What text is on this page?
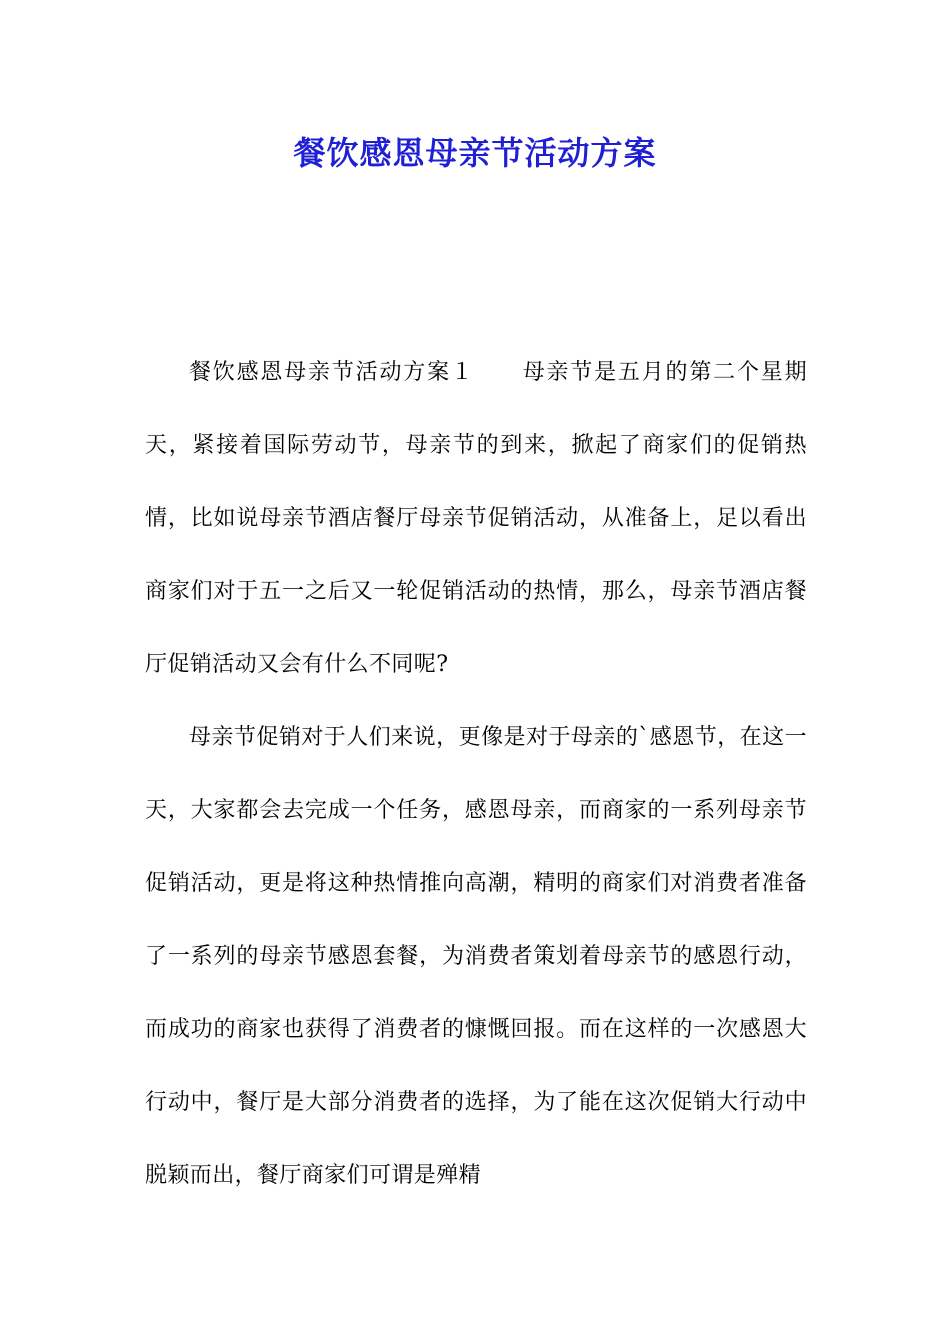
餐饮感恩母亲节活动方案

餐饮感恩母亲节活动方案１ 母亲节是五月的第二个星期天，紧接着国际劳动节，母亲节的到来，掀起了商家们的促销热情，比如说母亲节酒店餐厅母亲节促销活动，从准备上，足以看出商家们对于五一之后又一轮促销活动的热情，那么，母亲节酒店餐厅促销活动又会有什么不同呢?

母亲节促销对于人们来说，更像是对于母亲的`感恩节，在这一天，大家都会去完成一个任务，感恩母亲，而商家的一系列母亲节促销活动，更是将这种热情推向高潮，精明的商家们对消费者准备了一系列的母亲节感恩套餐，为消费者策划着母亲节的感恩行动，而成功的商家也获得了消费者的慷慨回报。而在这样的一次感恩大行动中，餐厅是大部分消费者的选择，为了能在这次促销大行动中脱颖而出，餐厅商家们可谓是殚精
